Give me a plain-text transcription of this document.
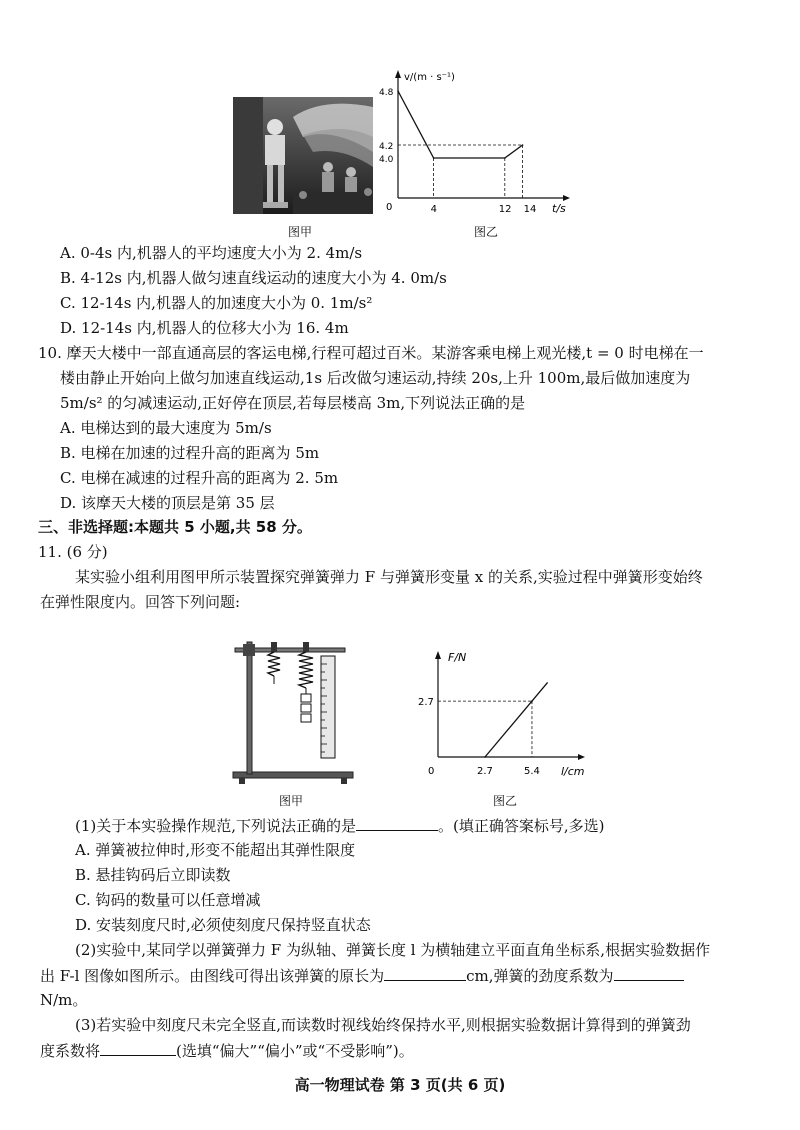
图甲
v/(m · s⁻¹)
t/s
0
4.8
4.2
4.0
4	12 14
图乙
A. 0-4s 内,机器人的平均速度大小为 2. 4m/s
B. 4-12s 内,机器人做匀速直线运动的速度大小为 4. 0m/s
C. 12-14s 内,机器人的加速度大小为 0. 1m/s²
D. 12-14s 内,机器人的位移大小为 16. 4m
10. 摩天大楼中一部直通高层的客运电梯,行程可超过百米。某游客乘电梯上观光楼,t = 0 时电梯在一
楼由静止开始向上做匀加速直线运动,1s 后改做匀速运动,持续 20s,上升 100m,最后做加速度为
5m/s² 的匀减速运动,正好停在顶层,若每层楼高 3m,下列说法正确的是
A. 电梯达到的最大速度为 5m/s
B. 电梯在加速的过程升高的距离为 5m
C. 电梯在减速的过程升高的距离为 2. 5m
D. 该摩天大楼的顶层是第 35 层
三、非选择题:本题共 5 小题,共 58 分。
11. (6 分)
某实验小组利用图甲所示装置探究弹簧弹力 F 与弹簧形变量 x 的关系,实验过程中弹簧形变始终
在弹性限度内。回答下列问题:
图甲
F/N
l/cm
0
2.7
2.7	5.4
图乙
(1)关于本实验操作规范,下列说法正确的是	。(填正确答案标号,多选)
A. 弹簧被拉伸时,形变不能超出其弹性限度
B. 悬挂钩码后立即读数
C. 钩码的数量可以任意增减
D. 安装刻度尺时,必须使刻度尺保持竖直状态
(2)实验中,某同学以弹簧弹力 F 为纵轴、弹簧长度 l 为横轴建立平面直角坐标系,根据实验数据作
出 F-l 图像如图所示。由图线可得出该弹簧的原长为	cm,弹簧的劲度系数为
N/m。
(3)若实验中刻度尺未完全竖直,而读数时视线始终保持水平,则根据实验数据计算得到的弹簧劲
度系数将	(选填“偏大”“偏小”或“不受影响”)。
高一物理试卷 第 3 页(共 6 页)
